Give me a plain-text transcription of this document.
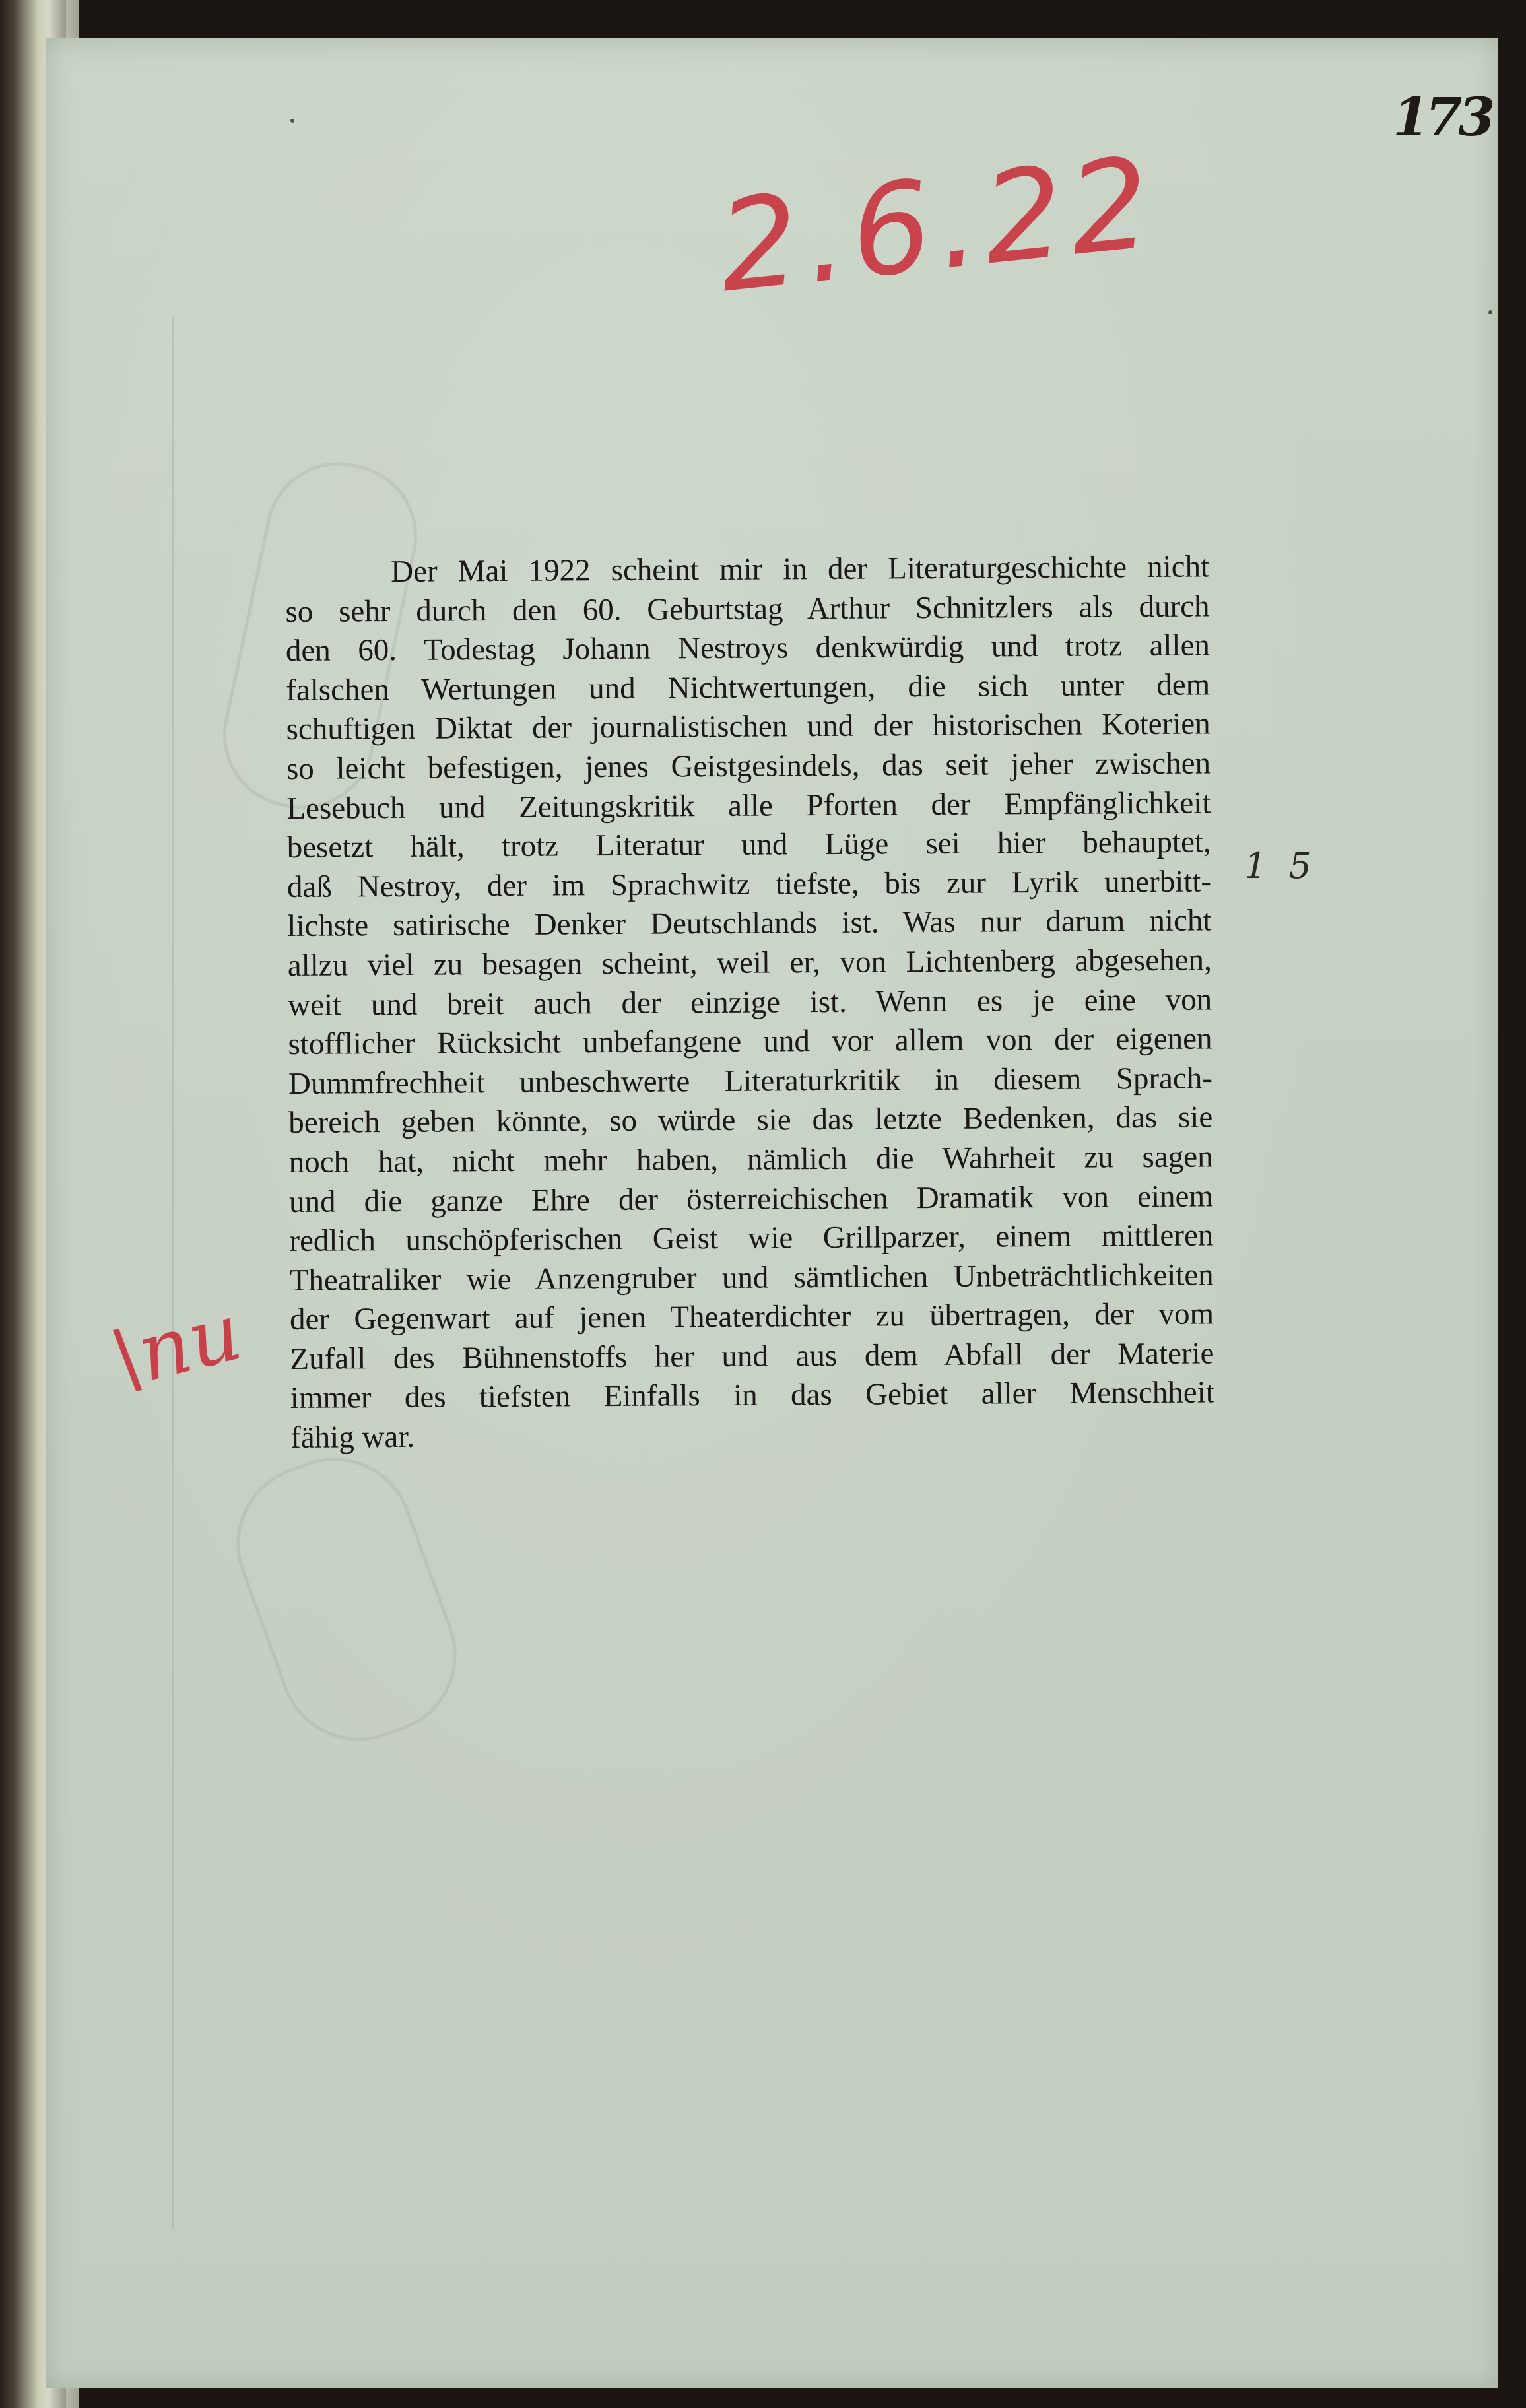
173
2.6.22
\nu
1 5
Der Mai 1922 scheint mir in der Literaturgeschichte nicht
so sehr durch den 60. Geburtstag Arthur Schnitzlers als durch
den 60. Todestag Johann Nestroys denkwürdig und trotz allen
falschen Wertungen und Nichtwertungen, die sich unter dem
schuftigen Diktat der journalistischen und der historischen Koterien
so leicht befestigen, jenes Geistgesindels, das seit jeher zwischen
Lesebuch und Zeitungskritik alle Pforten der Empfänglichkeit
besetzt hält, trotz Literatur und Lüge sei hier behauptet,
daß Nestroy, der im Sprachwitz tiefste, bis zur Lyrik unerbitt-
lichste satirische Denker Deutschlands ist. Was nur darum nicht
allzu viel zu besagen scheint, weil er, von Lichtenberg abgesehen,
weit und breit auch der einzige ist. Wenn es je eine von
stofflicher Rücksicht unbefangene und vor allem von der eigenen
Dummfrechheit unbeschwerte Literaturkritik in diesem Sprach-
bereich geben könnte, so würde sie das letzte Bedenken, das sie
noch hat, nicht mehr haben, nämlich die Wahrheit zu sagen
und die ganze Ehre der österreichischen Dramatik von einem
redlich unschöpferischen Geist wie Grillparzer, einem mittleren
Theatraliker wie Anzengruber und sämtlichen Unbeträchtlichkeiten
der Gegenwart auf jenen Theaterdichter zu übertragen, der vom
Zufall des Bühnenstoffs her und aus dem Abfall der Materie
immer des tiefsten Einfalls in das Gebiet aller Menschheit
fähig war.
